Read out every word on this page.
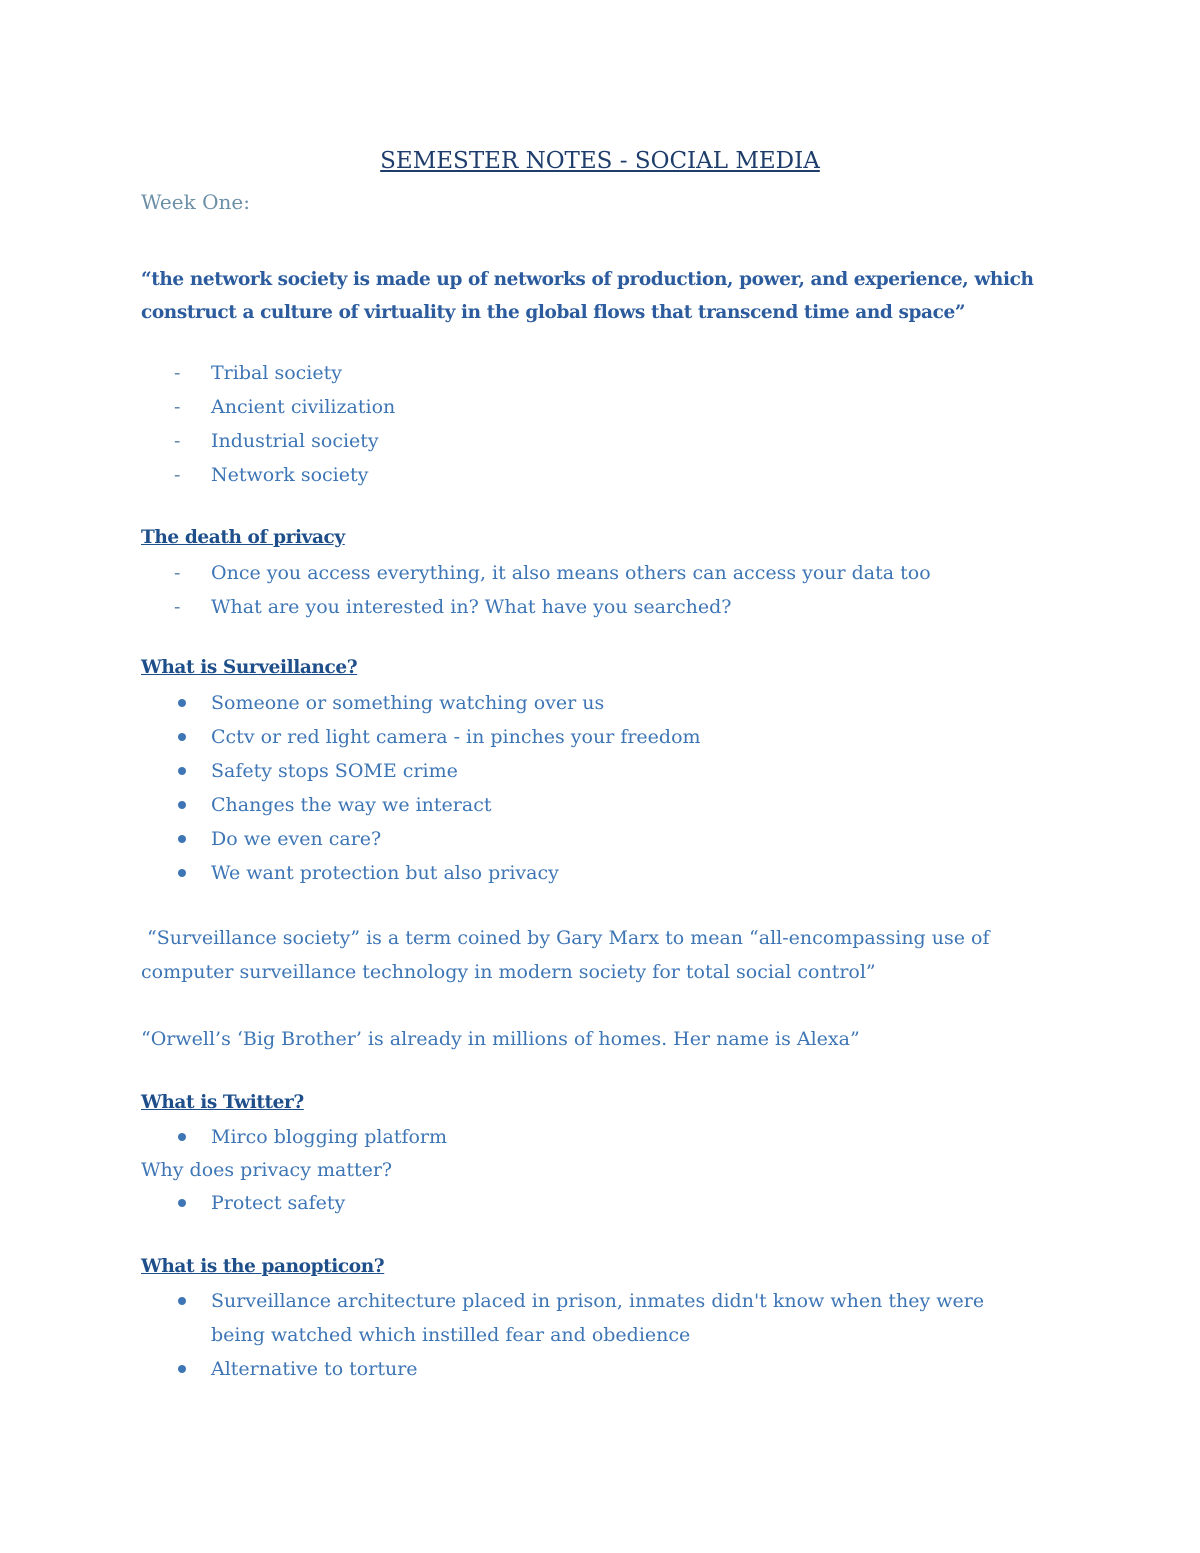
SEMESTER NOTES - SOCIAL MEDIA
Week One:
“the network society is made up of networks of production, power, and experience, which construct a culture of virtuality in the global flows that transcend time and space”
-	Tribal society
-	Ancient civilization
-	Industrial society
-	Network society
The death of privacy
-	Once you access everything, it also means others can access your data too
-	What are you interested in? What have you searched?
What is Surveillance?
Someone or something watching over us
Cctv or red light camera - in pinches your freedom
Safety stops SOME crime
Changes the way we interact
Do we even care?
We want protection but also privacy
“Surveillance society” is a term coined by Gary Marx to mean “all-encompassing use of computer surveillance technology in modern society for total social control”
“Orwell’s ‘Big Brother’ is already in millions of homes. Her name is Alexa”
What is Twitter?
Mirco blogging platform
Why does privacy matter?
Protect safety
What is the panopticon?
Surveillance architecture placed in prison, inmates didn't know when they were being watched which instilled fear and obedience
Alternative to torture
